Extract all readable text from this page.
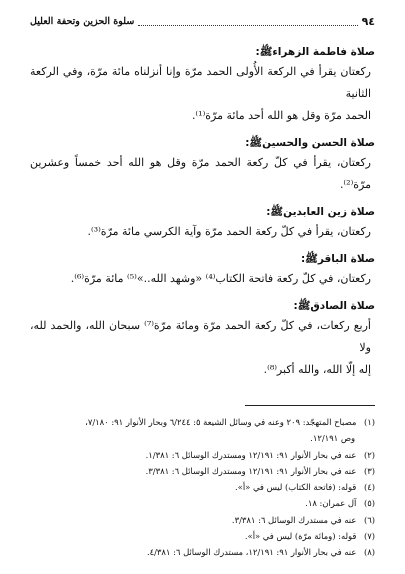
٩٤
سلوة الحزين وتحفة العليل
صلاة فاطمة الزهراءﷺ:
ركعتان يقرأ في الركعة الأُولى الحمد مرّة وإنا أنزلناه مائة مرّة، وفي الركعة الثانية
الحمد مرّة وقل هو الله أحد مائة مرّة⁽¹⁾.
صلاة الحسن والحسينﷺ:
ركعتان، يقرأ في كلّ ركعة الحمد مرّة وقل هو الله أحد خمساً وعشرين مرّة⁽²⁾.
صلاة زين العابدينﷺ:
ركعتان، يقرأ في كلّ ركعة الحمد مرّة وآية الكرسي مائة مرّة⁽³⁾.
صلاة الباقرﷺ:
ركعتان، في كلّ ركعة فاتحة الكتاب⁽⁴⁾ «وشهد الله..»⁽⁵⁾ مائة مرّة⁽⁶⁾.
صلاة الصادقﷺ:
أربع ركعات، في كلّ ركعة الحمد مرّة ومائة مرّة⁽⁷⁾ سبحان الله، والحمد لله، ولا
إله إلّا الله، والله أكبر⁽⁸⁾.
(١) مصباح المتهجّد: ٢٠٩ وعنه في وسائل الشيعة ٥: ٦/٢٤٤ وبحار الأنوار ٩١: ٧/١٨٠،
وص ١٢/١٩١.
(٢) عنه في بحار الأنوار ٩١: ١٢/١٩١ ومستدرك الوسائل ٦: ١/٣٨١.
(٣) عنه في بحار الأنوار ٩١: ١٢/١٩١ ومستدرك الوسائل ٦: ٣/٣٨١.
(٤) قوله: (فاتحة الكتاب) ليس في «أ».
(٥) آل عمران: ١٨.
(٦) عنه في مستدرك الوسائل ٦: ٣/٣٨١.
(٧) قوله: (ومائة مرّة) ليس في «أ».
(٨) عنه في بحار الأنوار ٩١: ١٢/١٩١، مستدرك الوسائل ٦: ٤/٣٨١.
